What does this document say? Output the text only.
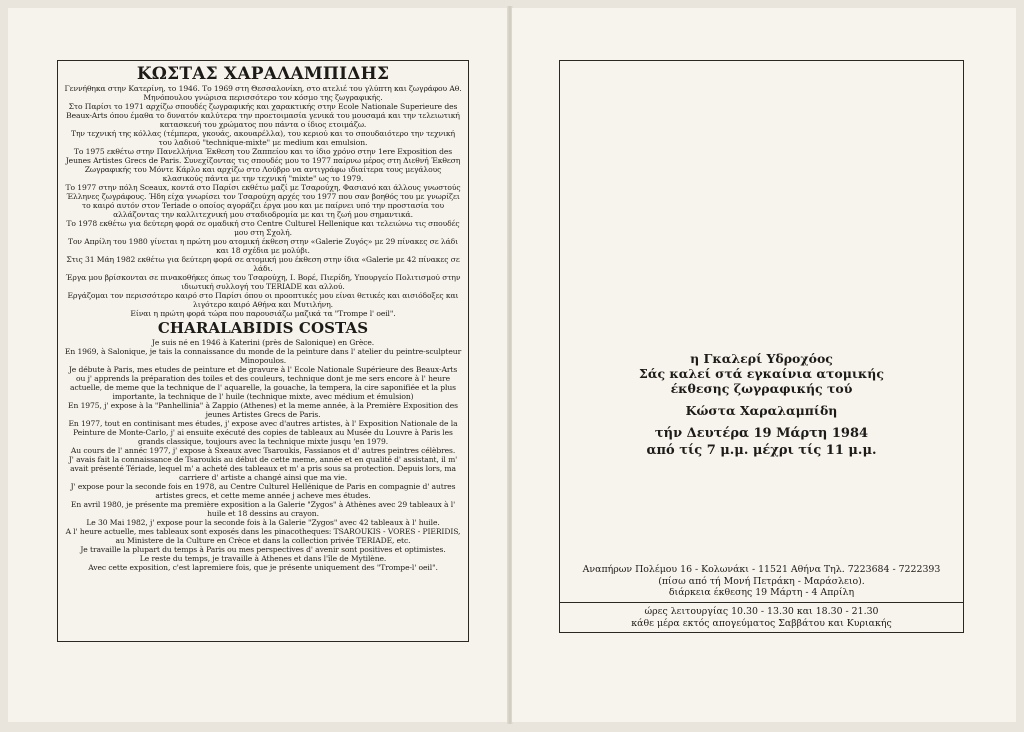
ΚΩΣΤΑΣ ΧΑΡΑΛΑΜΠΙΔΗΣ

Γεννήθηκα στην Κατερίνη, το 1946. Το 1969 στη Θεσσαλονίκη, στο ατελιέ του γλύπτη και ζωγράφου Αθ. Μηνόπουλου γνώρισα περισσότερο τον κόσμο της ζωγραφικής.

Στο Παρίσι το 1971 αρχίζω σπουδές ζωγραφικής και χαρακτικής στην Ecole Nationale Superieure des Beaux-Arts όπου έμαθα το δυνατόν καλύτερα την προετοιμασία γενικά του μουσαμά και την τελειωτική κατασκευή του χρώματος που πάντα ο ίδιος ετοιμάζω.

Την τεχνική της κόλλας (τέμπερα, γκουάς, ακουαρέλλα), του κεριού και το σπουδαιότερο την τεχνική του λαδιού "technique-mixte" με medium και emulsion.

Το 1975 εκθέτω στην Πανελλήνια Έκθεση του Ζαππείου και το ίδιο χρόνο στην 1ere Exposition des Jeunes Artistes Grecs de Paris. Συνεχίζοντας τις σπουδές μου το 1977 παίρνω μέρος στη Διεθνή Έκθεση Ζωγραφικής του Μόντε Κάρλο και αρχίζω στο Λούβρο να αντιγράφω ιδιαίτερα τους μεγάλους κλασικούς πάντα με την τεχνική "mixte" ως το 1979.

Το 1977 στην πόλη Sceaux, κοντά στο Παρίσι εκθέτω μαζί με Τσαρούχη, Φασιανό και άλλους γνωστούς Έλληνες ζωγράφους. Ήδη είχα γνωρίσει τον Τσαρούχη αρχές του 1977 που σαν βοηθός του με γνωρίζει το καιρό αυτόν στον Teriade ο οποίος αγοράζει έργα μου και με παίρνει υπό την προστασία του αλλάζοντας την καλλιτεχνική μου σταδιοδρομία με και τη ζωή μου σημαντικά.

Το 1978 εκθέτω για δεύτερη φορά σε ομαδική στο Centre Culturel Hellenique και τελειώνω τις σπουδές μου στη Σχολή.

Τον Απρίλη του 1980 γίνεται η πρώτη μου ατομική έκθεση στην «Galerie Zυγός» με 29 πίνακες σε λάδι και 18 σχέδια με μολύβι.

Στις 31 Μάη 1982 εκθέτω για δεύτερη φορά σε ατομική μου έκθεση στην ίδια «Galerie με 42 πίνακες σε λάδι.

Έργα μου βρίσκονται σε πινακοθήκες όπως του Τσαρούχη, Ι. Βορέ, Πιερίδη, Υπουργείο Πολιτισμού στην ιδιωτική συλλογή του TERIADE και αλλού.

Εργάζομαι τον περισσότερο καιρό στο Παρίσι όπου οι προοπτικές μου είναι θετικές και αισιόδοξες και λιγότερο καιρό Αθήνα και Μυτιλήνη.

Είναι η πρώτη φορά τώρα που παρουσιάζω μαζικά τα "Trompe l' oeil".

CHARALABIDIS COSTAS

Je suis né en 1946 à Katerini (près de Salonique) en Grèce.

En 1969, à Salonique, je tais la connaissance du monde de la peinture dans l' atelier du peintre-sculpteur Minopoulos.

Je débute à Paris, mes etudes de peinture et de gravure à l' Ecole Nationale Supérieure des Beaux-Arts ou j' apprends la préparation des toiles et des couleurs, technique dont je me sers encore à l' heure actuelle, de meme que la technique de l' aquarelle, la gouache, la tempera, la cire saponifiée et la plus importante, la technique de l' huile (technique mixte, avec médium et émulsion)

En 1975, j' expose à la "Panhellinia" à Zappio (Athenes) et la meme année, à la Première Exposition des jeunes Artistes Grecs de Paris.

En 1977, tout en continisant mes études, j' expose avec d'autres artistes, à l' Exposition Nationale de la Peinture de Monte-Carlo, j' ai ensuite exécuté des copies de tableaux au Musée du Louvre à Paris les grands classique, toujours avec la technique mixte jusqu 'en 1979.

Au cours de l' annéc 1977, j' expose à Sxeaux avec Tsaroukis, Fassianos et d' autres peintres célèbres.

J' avais fait la connaissance de Tsaroukis au début de cette meme, année et en qualité d' assistant, il m' avait présenté Tériade, lequel m' a acheté des tableaux et m' a pris sous sa protection. Depuis lors, ma carriere d' artiste a changé ainsi que ma vie.

J' expose pour la seconde fois en 1978, au Centre Culturel Hellénique de Paris en compagnie d' autres artistes grecs, et cette meme année j acheve mes études.

En avril 1980, je présente ma première exposition a la Galerie "Zygos" à Athènes avec 29 tableaux à l' huile et 18 dessins au crayon.

Le 30 Mai 1982, j' expose pour la seconde fois à la Galerie "Zygos" avec 42 tableaux à l' huile.

A l' heure actuelle, mes tableaux sont exposés dans les pinacotheques: TSAROUKIS - VORES - PIERIDIS, au Ministere de la Culture en Crèce et dans la collection privée TERIADE, etc.

Je travaille la plupart du temps à Paris ou mes perspectives d' avenir sont positives et optimistes.

Le reste du temps, je travaille à Athenes et dans l'île de Mytilène.

Avec cette exposition, c'est lapremiere fois, que je présente uniquement des "Trompe-l' oeil".

η Γκαλερί Υδροχόος
Σάς καλεί στά εγκαίνια ατομικής
έκθεσης ζωγραφικής τού
Κώστα Χαραλαμπίδη
τήν Δευτέρα 19 Μάρτη 1984
από τίς 7 μ.μ. μέχρι τίς 11 μ.μ.
Αναπήρων Πολέμου 16 - Κολωνάκι - 11521 Αθήνα Τηλ. 7223684 - 7222393
(πίσω από τή Μονή Πετράκη - Μαράσλειο).
διάρκεια έκθεσης 19 Μάρτη - 4 Απρίλη
ώρες λειτουργίας 10.30 - 13.30 και 18.30 - 21.30
κάθε μέρα εκτός απογεύματος Σαββάτου και Κυριακής
